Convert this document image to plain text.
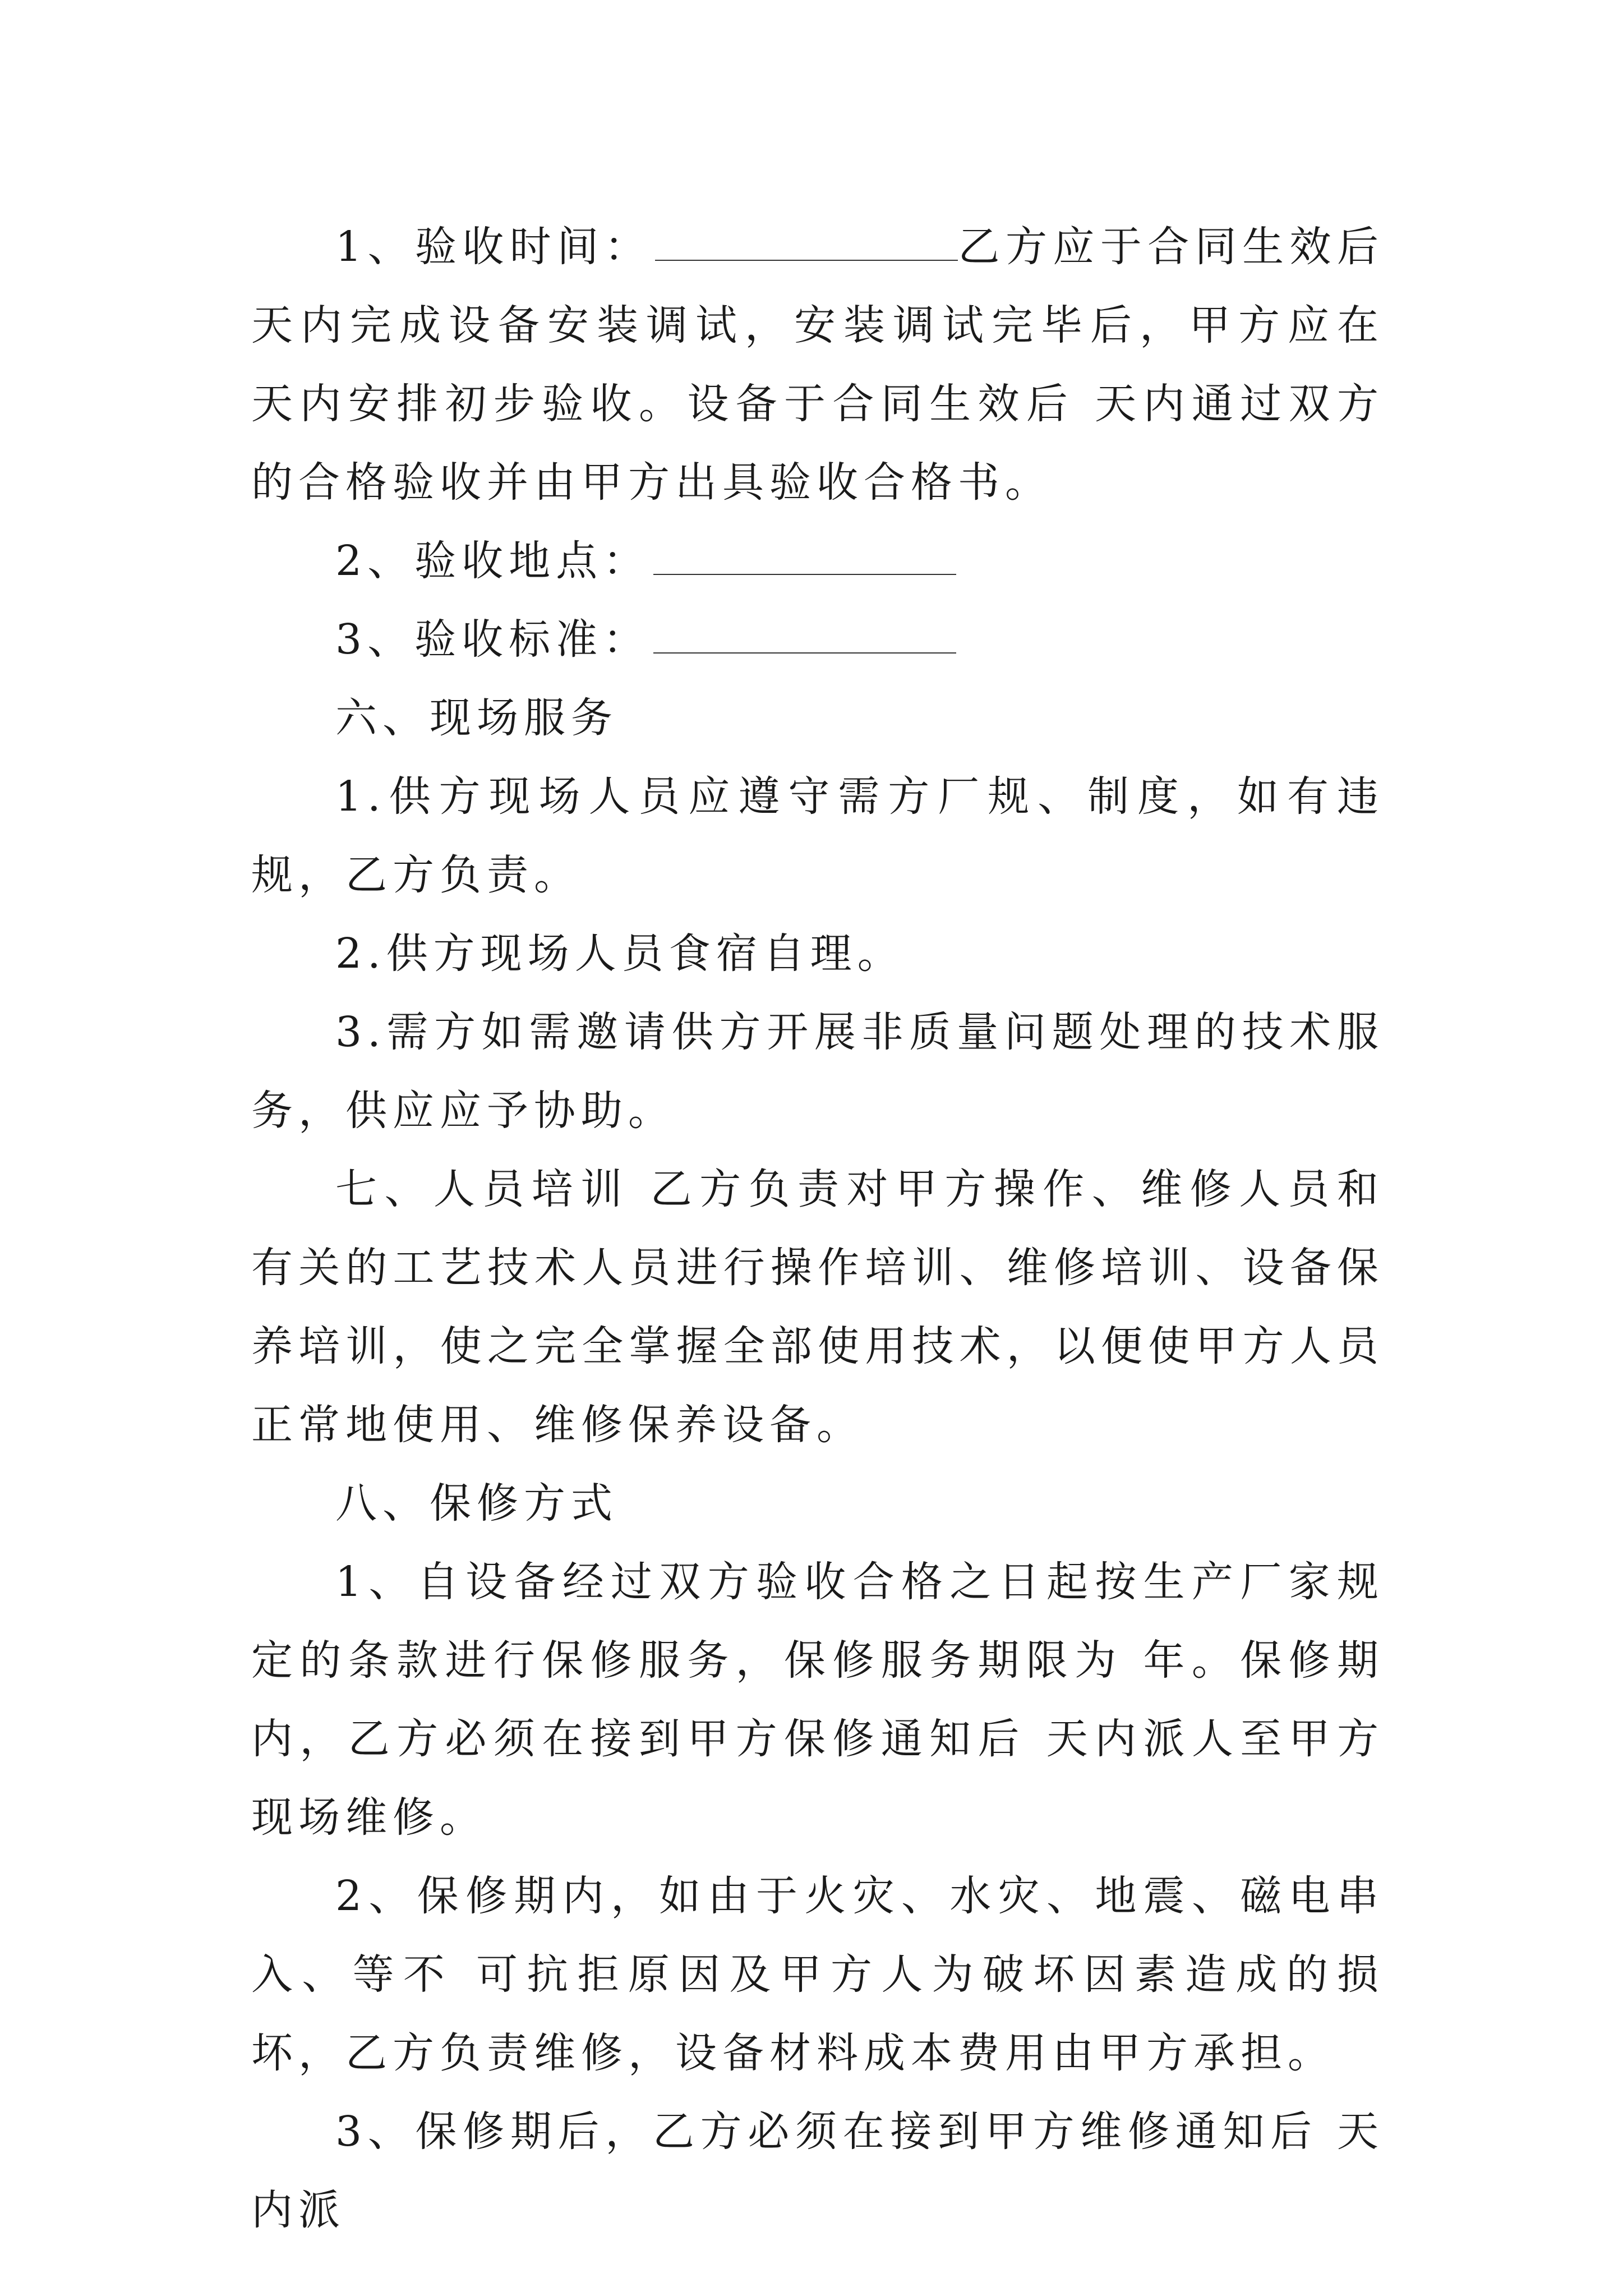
1、验收时间：	乙方应于合同生效后 天内完成设备安装调试，安装调试完毕后，甲方应在 天内安排初步验收。设备于合同生效后 天内通过双方的合格验收并由甲方出具验收合格书。

2、验收地点：

3、验收标准：

六、现场服务

1.供方现场人员应遵守需方厂规、制度，如有违规，乙方负责。

2.供方现场人员食宿自理。

3.需方如需邀请供方开展非质量问题处理的技术服务，供应应予协助。

七、人员培训 乙方负责对甲方操作、维修人员和有关的工艺技术人员进行操作培训、维修培训、设备保养培训，使之完全掌握全部使用技术，以便使甲方人员正常地使用、维修保养设备。

八、保修方式

1、自设备经过双方验收合格之日起按生产厂家规定的条款进行保修服务，保修服务期限为 年。保修期内，乙方必须在接到甲方保修通知后 天内派人至甲方现场维修。

2、保修期内，如由于火灾、水灾、地震、磁电串入、等不 可抗拒原因及甲方人为破坏因素造成的损坏，乙方负责维修，设备材料成本费用由甲方承担。

3、保修期后，乙方必须在接到甲方维修通知后 天内派
